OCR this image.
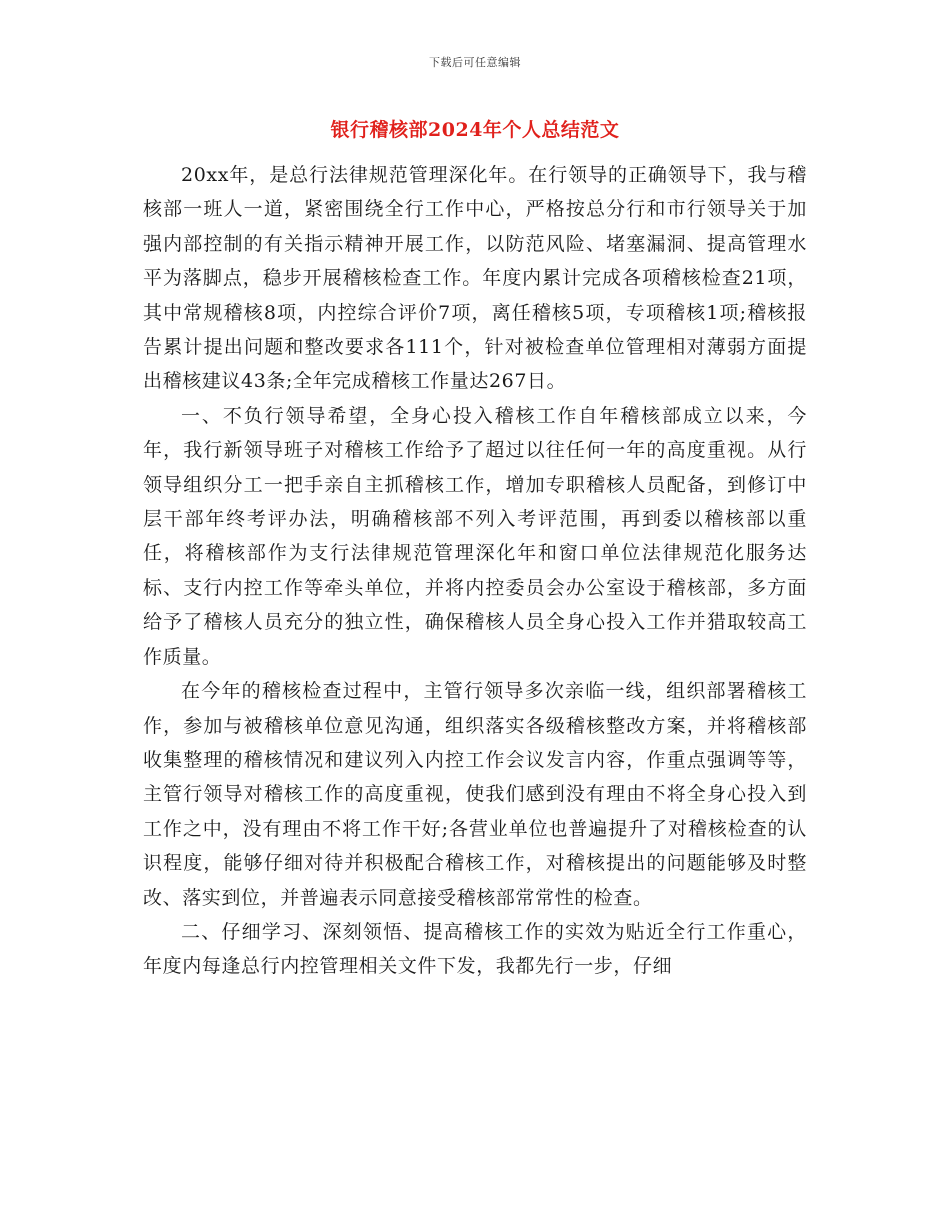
下载后可任意编辑
银行稽核部2024年个人总结范文

20xx年，是总行法律规范管理深化年。在行领导的正确领导下，我与稽核部一班人一道，紧密围绕全行工作中心，严格按总分行和市行领导关于加强内部控制的有关指示精神开展工作，以防范风险、堵塞漏洞、提高管理水平为落脚点，稳步开展稽核检查工作。年度内累计完成各项稽核检查21项，其中常规稽核8项，内控综合评价7项，离任稽核5项，专项稽核1项;稽核报告累计提出问题和整改要求各111个，针对被检查单位管理相对薄弱方面提出稽核建议43条;全年完成稽核工作量达267日。

一、不负行领导希望，全身心投入稽核工作自年稽核部成立以来，今年，我行新领导班子对稽核工作给予了超过以往任何一年的高度重视。从行领导组织分工一把手亲自主抓稽核工作，增加专职稽核人员配备，到修订中层干部年终考评办法，明确稽核部不列入考评范围，再到委以稽核部以重任，将稽核部作为支行法律规范管理深化年和窗口单位法律规范化服务达标、支行内控工作等牵头单位，并将内控委员会办公室设于稽核部，多方面给予了稽核人员充分的独立性，确保稽核人员全身心投入工作并猎取较高工作质量。

在今年的稽核检查过程中，主管行领导多次亲临一线，组织部署稽核工作，参加与被稽核单位意见沟通，组织落实各级稽核整改方案，并将稽核部收集整理的稽核情况和建议列入内控工作会议发言内容，作重点强调等等，主管行领导对稽核工作的高度重视，使我们感到没有理由不将全身心投入到工作之中，没有理由不将工作干好;各营业单位也普遍提升了对稽核检查的认识程度，能够仔细对待并积极配合稽核工作，对稽核提出的问题能够及时整改、落实到位，并普遍表示同意接受稽核部常常性的检查。

二、仔细学习、深刻领悟、提高稽核工作的实效为贴近全行工作重心，年度内每逢总行内控管理相关文件下发，我都先行一步，仔细
